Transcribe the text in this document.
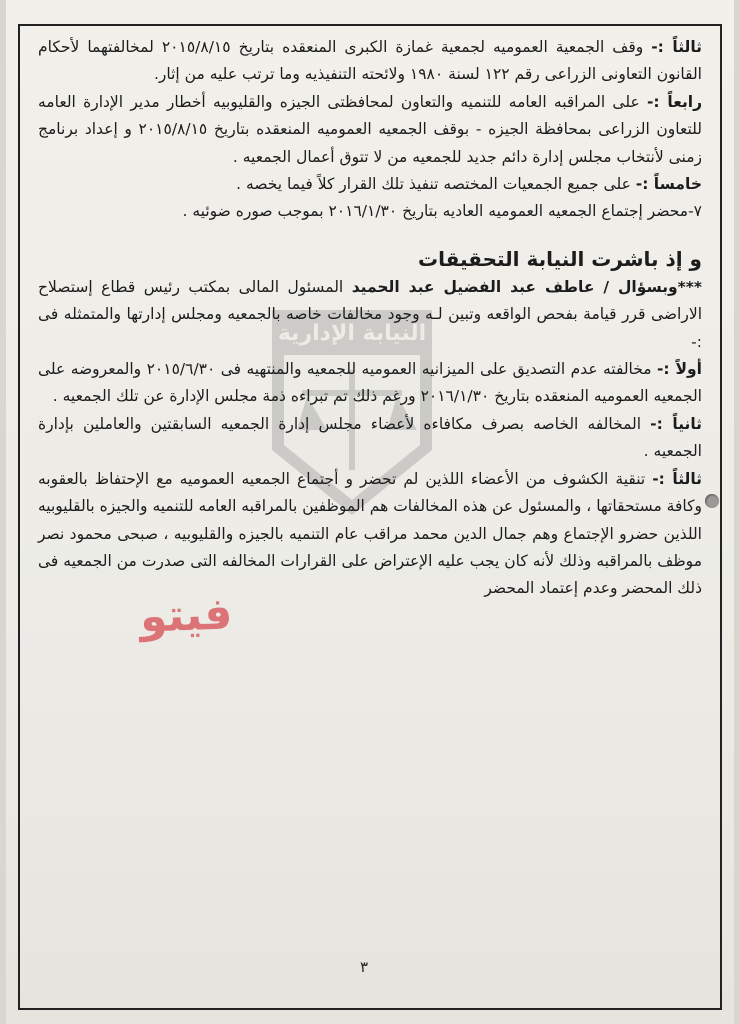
النيابة الإدارية

ثالثاً :- وقف الجمعية العموميه لجمعية غمازة الكبرى المنعقده بتاريخ ٢٠١٥/٨/١٥ لمخالفتهما لأحكام القانون التعاونى الزراعى رقم ١٢٢ لسنة ١٩٨٠ ولائحته التنفيذيه وما ترتب عليه من إثار.

رابعاً :- على المراقبه العامه للتنميه والتعاون لمحافظتى الجيزه والقليوبيه أخطار مدير الإدارة العامه للتعاون الزراعى بمحافظة الجيزه - بوقف الجمعيه العموميه المنعقده بتاريخ ٢٠١٥/٨/١٥ و إعداد برنامج زمنى لأنتخاب مجلس إدارة دائم جديد للجمعيه من لا تتوق أعمال الجمعيه .

خامساً :- على جميع الجمعيات المختصه تنفيذ تلك القرار كلاً فيما يخصه .

٧-محضر إجتماع الجمعيه العموميه العاديه بتاريخ ٢٠١٦/١/٣٠ بموجب صوره ضوئيه .

و إذ باشرت النيابة التحقيقات

***وبسؤال / عاطف عبد الفضيل عبد الحميد المسئول المالى بمكتب رئيس قطاع إستصلاح الاراضى قرر قيامة بفحص الواقعه وتبين لـه وجود مخالفات خاصه بالجمعيه ومجلس إدارتها والمتمثله فى :-

أولاً :- مخالفته عدم التصديق على الميزانيه العموميه للجمعيه والمنتهيه فى ٢٠١٥/٦/٣٠ والمعروضه على الجمعيه العموميه المنعقده بتاريخ ٢٠١٦/١/٣٠ ورغم ذلك تم تبراءه ذمة مجلس الإدارة عن تلك الجمعيه .

ثانياً :- المخالفه الخاصه بصرف مكافاءه لأعضاء مجلس إدارة الجمعيه السابقتين والعاملين بإدارة الجمعيه .

ثالثاً :- تنقية الكشوف من الأعضاء اللذين لم تحضر و أجتماع الجمعيه العموميه مع الإحتفاظ بالعقوبه وكافة مستحقاتها ، والمسئول عن هذه المخالفات هم الموظفين بالمراقبه العامه للتنميه والجيزه بالقليوبيه اللذين حضرو الإجتماع وهم جمال الدين محمد مراقب عام التنميه بالجيزه والقليوبيه ، صبحى محمود نصر موظف بالمراقبه وذلك لأنه كان يجب عليه الإعتراض على القرارات المخالفه التى صدرت من الجمعيه فى ذلك المحضر وعدم إعتماد المحضر

فيتو
٣
